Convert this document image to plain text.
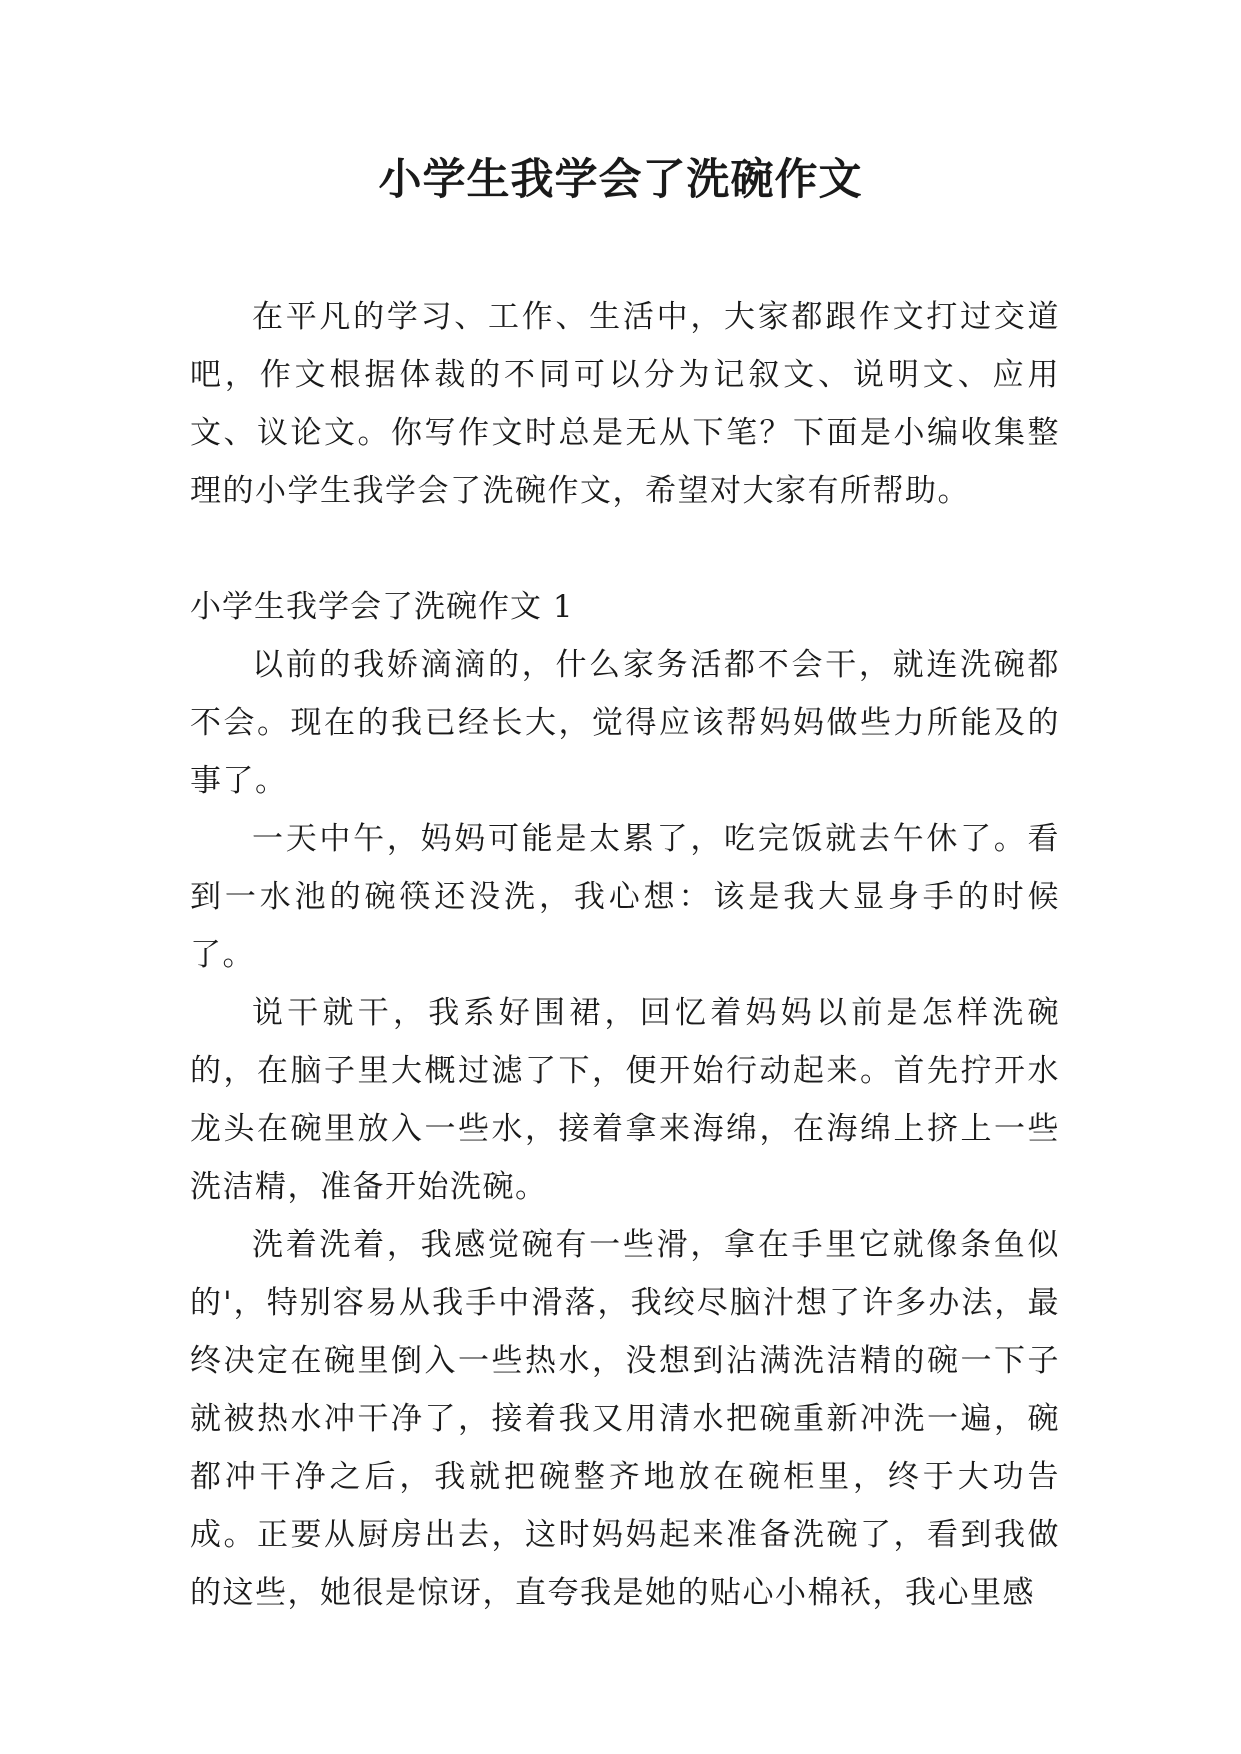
小学生我学会了洗碗作文

在平凡的学习、工作、生活中，大家都跟作文打过交道吧，作文根据体裁的不同可以分为记叙文、说明文、应用文、议论文。你写作文时总是无从下笔？下面是小编收集整理的小学生我学会了洗碗作文，希望对大家有所帮助。

小学生我学会了洗碗作文 1

以前的我娇滴滴的，什么家务活都不会干，就连洗碗都不会。现在的我已经长大，觉得应该帮妈妈做些力所能及的事了。

一天中午，妈妈可能是太累了，吃完饭就去午休了。看到一水池的碗筷还没洗，我心想：该是我大显身手的时候了。

说干就干，我系好围裙，回忆着妈妈以前是怎样洗碗的，在脑子里大概过滤了下，便开始行动起来。首先拧开水龙头在碗里放入一些水，接着拿来海绵，在海绵上挤上一些洗洁精，准备开始洗碗。

洗着洗着，我感觉碗有一些滑，拿在手里它就像条鱼似的'，特别容易从我手中滑落，我绞尽脑汁想了许多办法，最终决定在碗里倒入一些热水，没想到沾满洗洁精的碗一下子就被热水冲干净了，接着我又用清水把碗重新冲洗一遍，碗都冲干净之后，我就把碗整齐地放在碗柜里，终于大功告成。正要从厨房出去，这时妈妈起来准备洗碗了，看到我做的这些，她很是惊讶，直夸我是她的贴心小棉袄，我心里感
